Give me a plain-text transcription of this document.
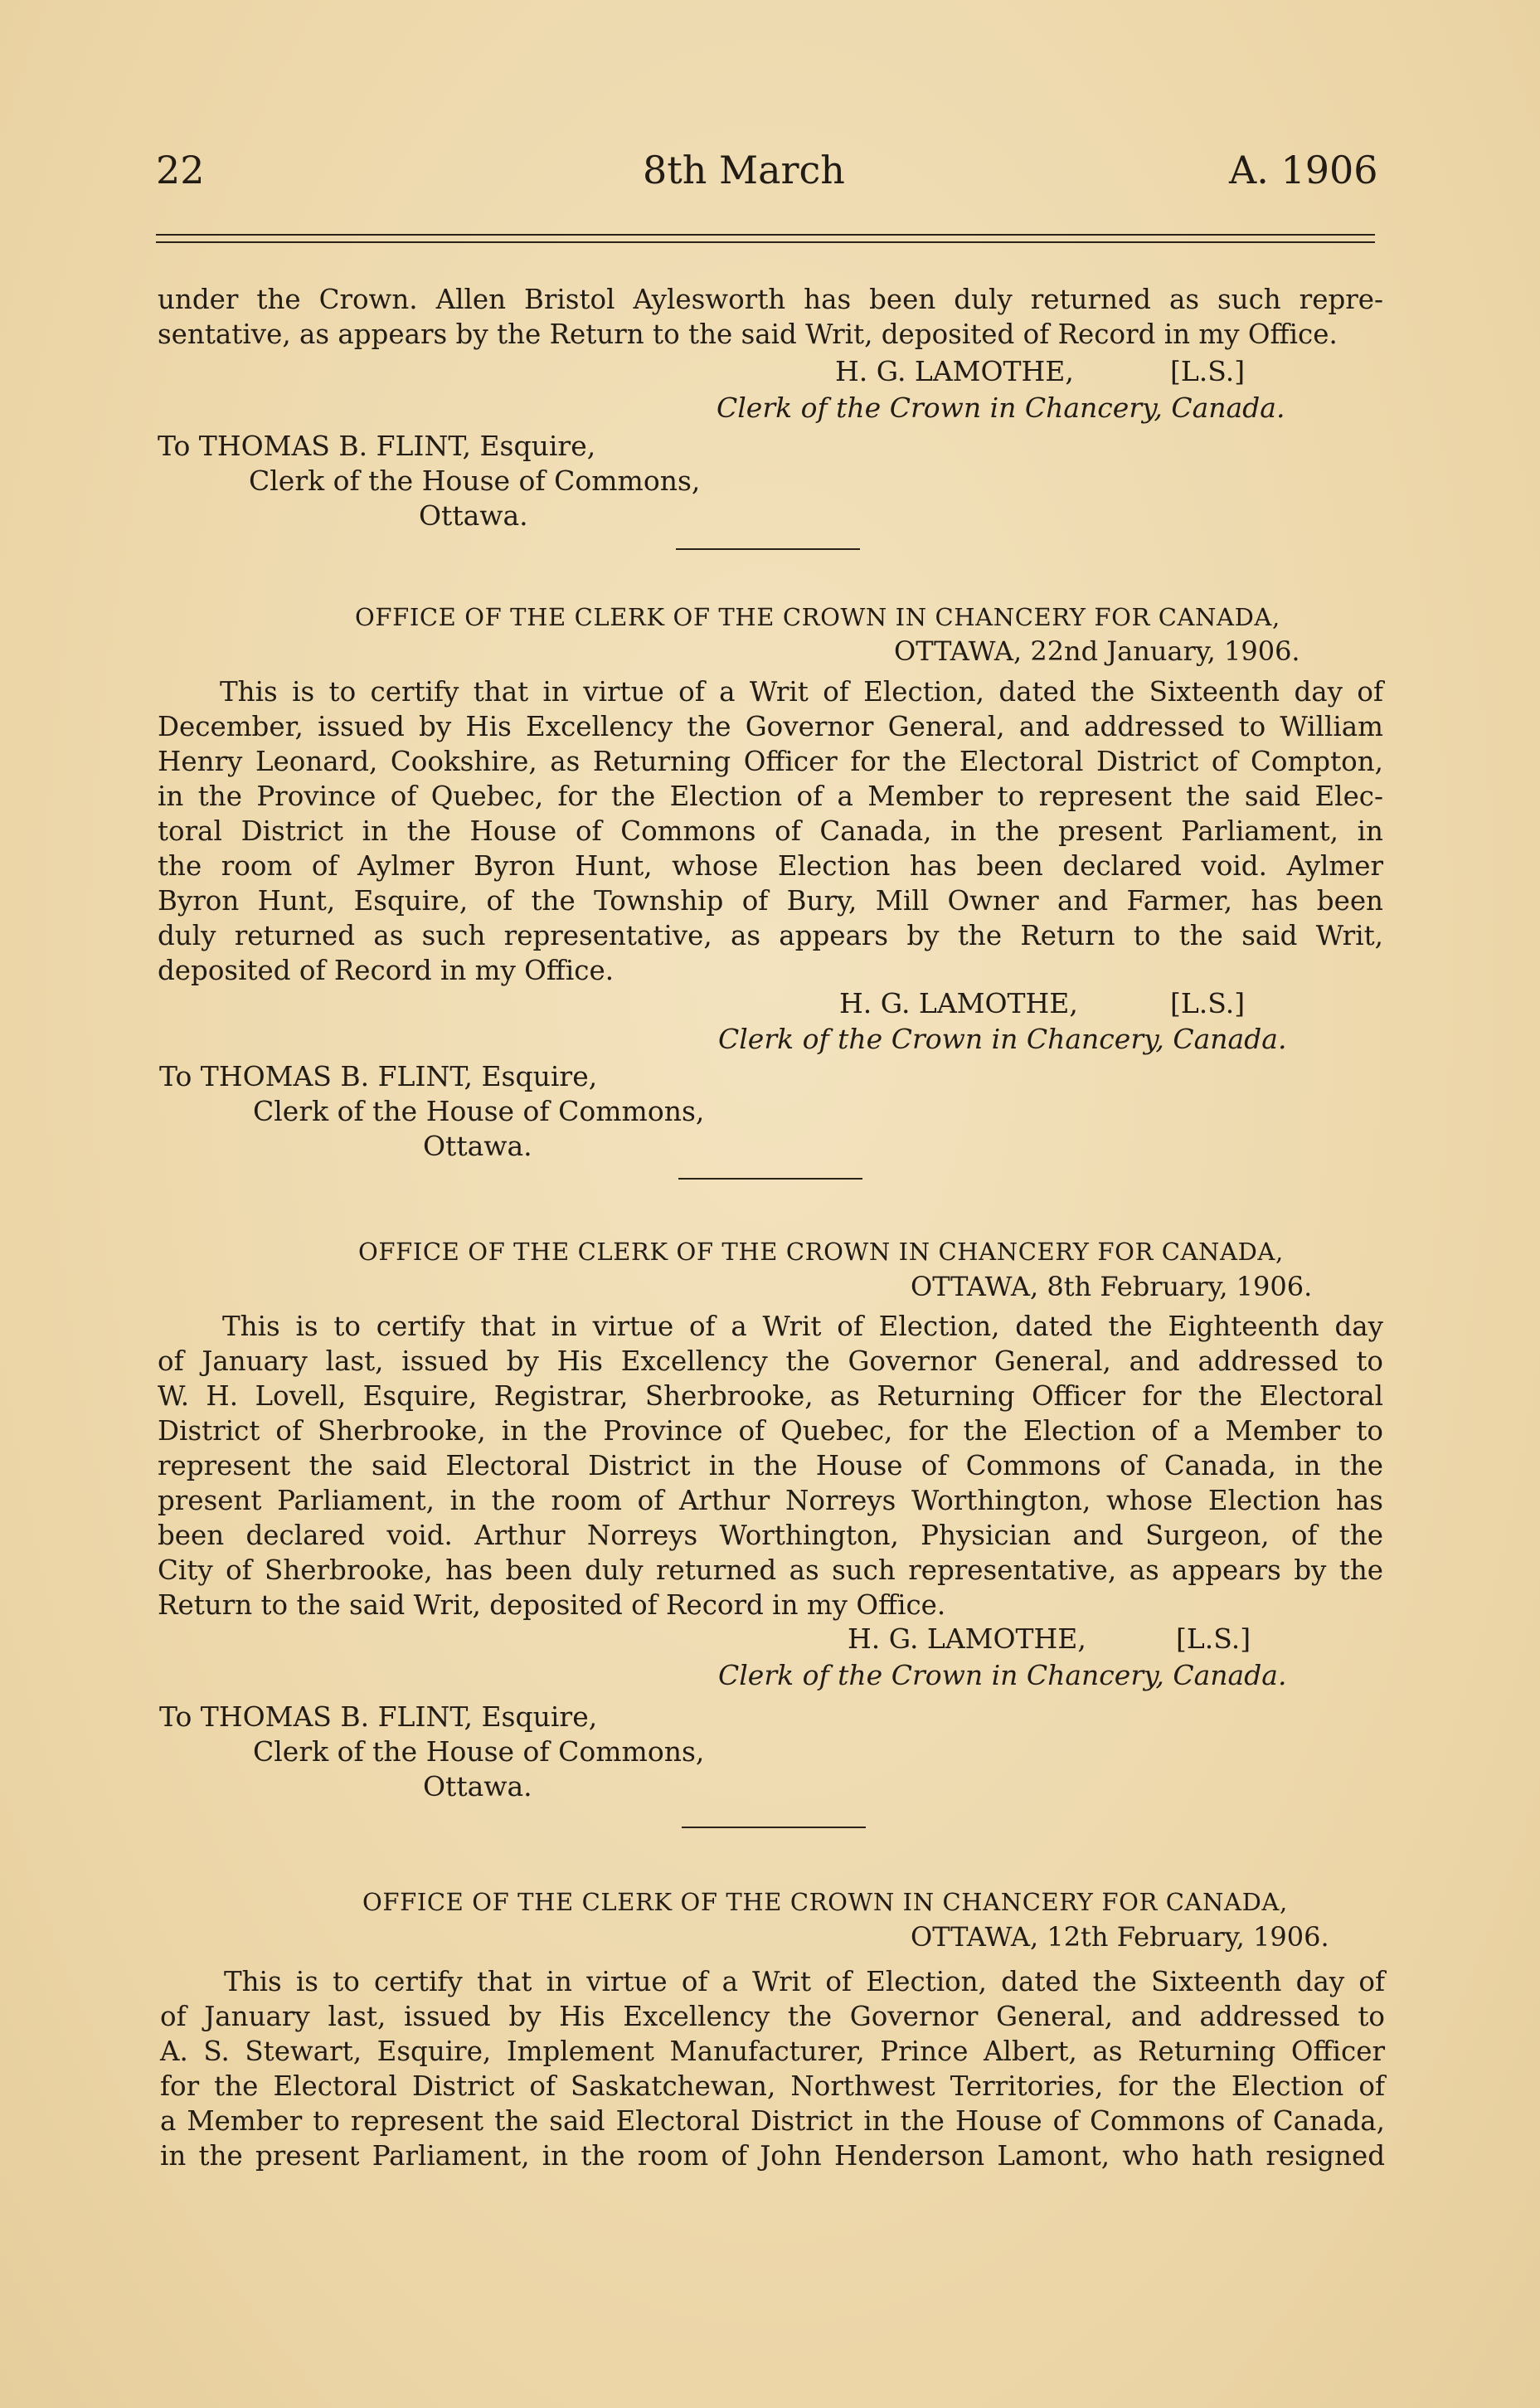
22	8th March	A. 1906
under the Crown. Allen Bristol Aylesworth has been duly returned as such repre-
sentative, as appears by the Return to the said Writ, deposited of Record in my Office.
H. G. LAMOTHE,	[L.S.]
Clerk of the Crown in Chancery, Canada.
To THOMAS B. FLINT, Esquire,
Clerk of the House of Commons,
Ottawa.
OFFICE OF THE CLERK OF THE CROWN IN CHANCERY FOR CANADA,
OTTAWA, 22nd January, 1906.
This is to certify that in virtue of a Writ of Election, dated the Sixteenth day of
December, issued by His Excellency the Governor General, and addressed to William
Henry Leonard, Cookshire, as Returning Officer for the Electoral District of Compton,
in the Province of Quebec, for the Election of a Member to represent the said Elec-
toral District in the House of Commons of Canada, in the present Parliament, in
the room of Aylmer Byron Hunt, whose Election has been declared void. Aylmer
Byron Hunt, Esquire, of the Township of Bury, Mill Owner and Farmer, has been
duly returned as such representative, as appears by the Return to the said Writ,
deposited of Record in my Office.
H. G. LAMOTHE,	[L.S.]
Clerk of the Crown in Chancery, Canada.
To THOMAS B. FLINT, Esquire,
Clerk of the House of Commons,
Ottawa.
OFFICE OF THE CLERK OF THE CROWN IN CHANCERY FOR CANADA,
OTTAWA, 8th February, 1906.
This is to certify that in virtue of a Writ of Election, dated the Eighteenth day
of January last, issued by His Excellency the Governor General, and addressed to
W. H. Lovell, Esquire, Registrar, Sherbrooke, as Returning Officer for the Electoral
District of Sherbrooke, in the Province of Quebec, for the Election of a Member to
represent the said Electoral District in the House of Commons of Canada, in the
present Parliament, in the room of Arthur Norreys Worthington, whose Election has
been declared void. Arthur Norreys Worthington, Physician and Surgeon, of the
City of Sherbrooke, has been duly returned as such representative, as appears by the
Return to the said Writ, deposited of Record in my Office.
H. G. LAMOTHE,	[L.S.]
Clerk of the Crown in Chancery, Canada.
To THOMAS B. FLINT, Esquire,
Clerk of the House of Commons,
Ottawa.
OFFICE OF THE CLERK OF THE CROWN IN CHANCERY FOR CANADA,
OTTAWA, 12th February, 1906.
This is to certify that in virtue of a Writ of Election, dated the Sixteenth day of
of January last, issued by His Excellency the Governor General, and addressed to
A. S. Stewart, Esquire, Implement Manufacturer, Prince Albert, as Returning Officer
for the Electoral District of Saskatchewan, Northwest Territories, for the Election of
a Member to represent the said Electoral District in the House of Commons of Canada,
in the present Parliament, in the room of John Henderson Lamont, who hath resigned
